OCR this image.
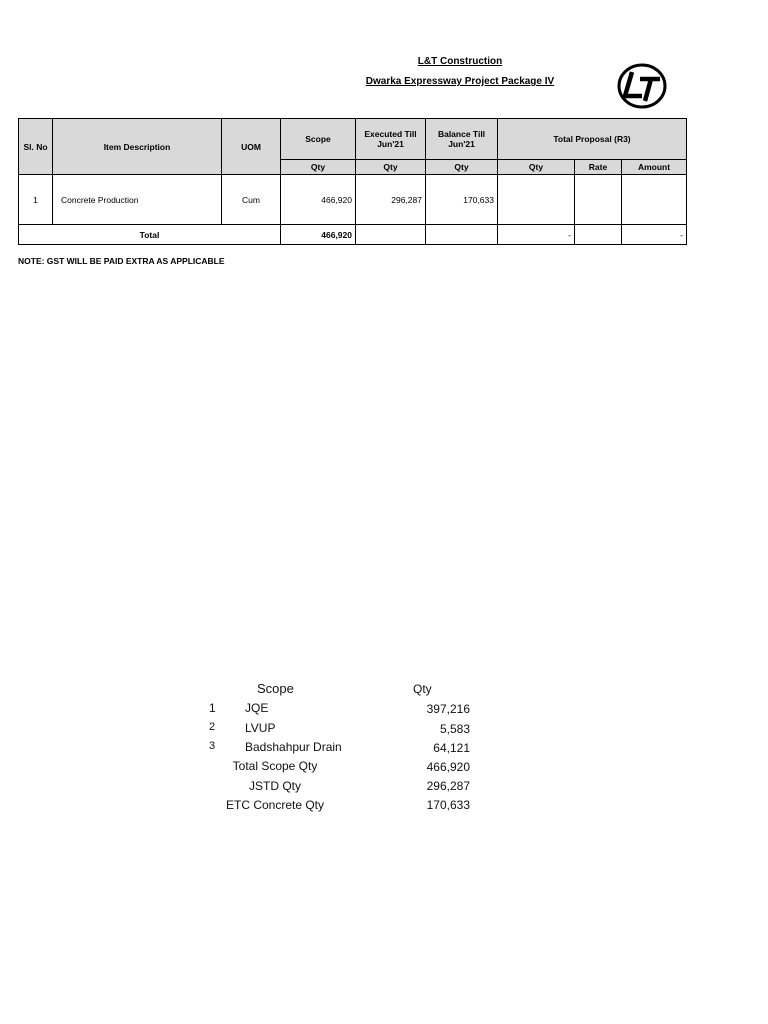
L&T Construction
Dwarka Expressway Project Package IV
Sl. No	Item Description	UOM	Scope	Executed Till Jun'21	Balance Till Jun'21	Total Proposal (R3)		
			Qty	Qty	Qty	Qty	Rate	Amount
1	Concrete Production	Cum	466,920	296,287	170,633			
Total			466,920			-		-
NOTE: GST WILL BE PAID EXTRA AS APPLICABLE
Scope	Qty
1 JQE	397,216
2 LVUP	5,583
3 Badshahpur Drain	64,121
Total Scope Qty	466,920
JSTD Qty	296,287
ETC Concrete Qty	170,633
